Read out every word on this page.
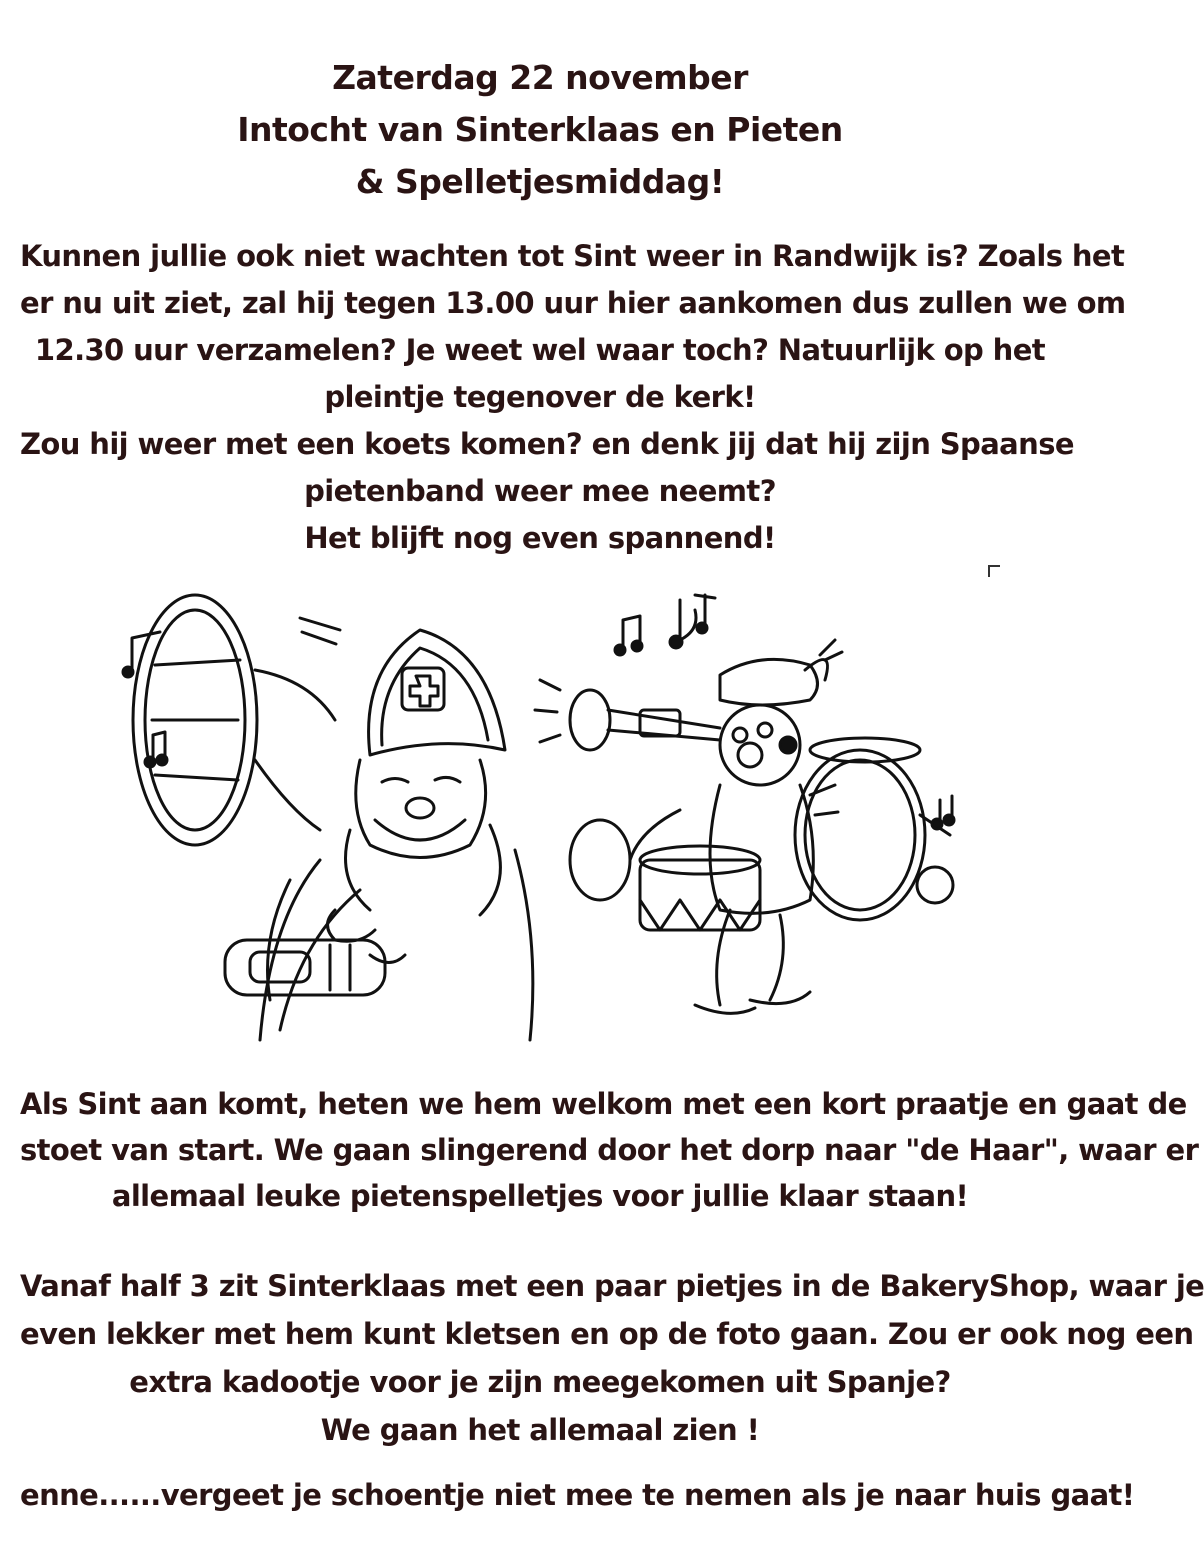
Zaterdag 22 november
Intocht van Sinterklaas en Pieten
& Spelletjesmiddag!
Kunnen jullie ook niet wachten tot Sint weer in Randwijk is? Zoals het
er nu uit ziet, zal hij tegen 13.00 uur hier aankomen dus zullen we om
12.30 uur verzamelen? Je weet wel waar toch? Natuurlijk op het
pleintje tegenover de kerk!
Zou hij weer met een koets komen? en denk jij dat hij zijn Spaanse
pietenband weer mee neemt?
Het blijft nog even spannend!
Als Sint aan komt, heten we hem welkom met een kort praatje en gaat de
stoet van start. We gaan slingerend door het dorp naar "de Haar", waar er
allemaal leuke pietenspelletjes voor jullie klaar staan!
Vanaf half 3 zit Sinterklaas met een paar pietjes in de BakeryShop, waar je
even lekker met hem kunt kletsen en op de foto gaan. Zou er ook nog een
extra kadootje voor je zijn meegekomen uit Spanje?
We gaan het allemaal zien !
enne......vergeet je schoentje niet mee te nemen als je naar huis gaat!
